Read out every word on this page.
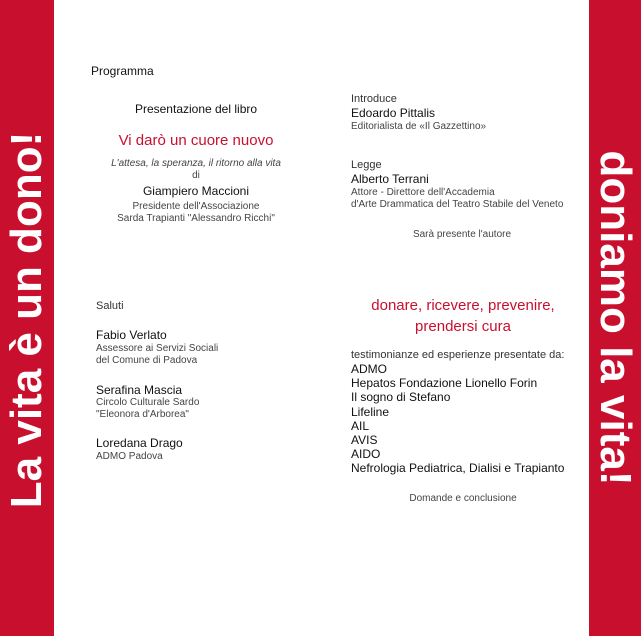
La vita è un dono!	doniamo la vita!
Programma
Presentazione del libro
Vi darò un cuore nuovo
L'attesa, la speranza, il ritorno alla vita
di
Giampiero Maccioni
Presidente dell'Associazione
Sarda Trapianti "Alessandro Ricchi"
Saluti
Fabio Verlato
Assessore ai Servizi Sociali
del Comune di Padova
Serafina Mascia
Circolo Culturale Sardo
"Eleonora d'Arborea"
Loredana Drago
ADMO Padova
Introduce
Edoardo Pittalis
Editorialista de «Il Gazzettino»
Legge
Alberto Terrani
Attore - Direttore dell'Accademia
d'Arte Drammatica del Teatro Stabile del Veneto
Sarà presente l'autore
donare, ricevere, prevenire,
prendersi cura
testimonianze ed esperienze presentate da:
ADMO
Hepatos Fondazione Lionello Forin
Il sogno di Stefano
Lifeline
AIL
AVIS
AIDO
Nefrologia Pediatrica, Dialisi e Trapianto
Domande e conclusione
